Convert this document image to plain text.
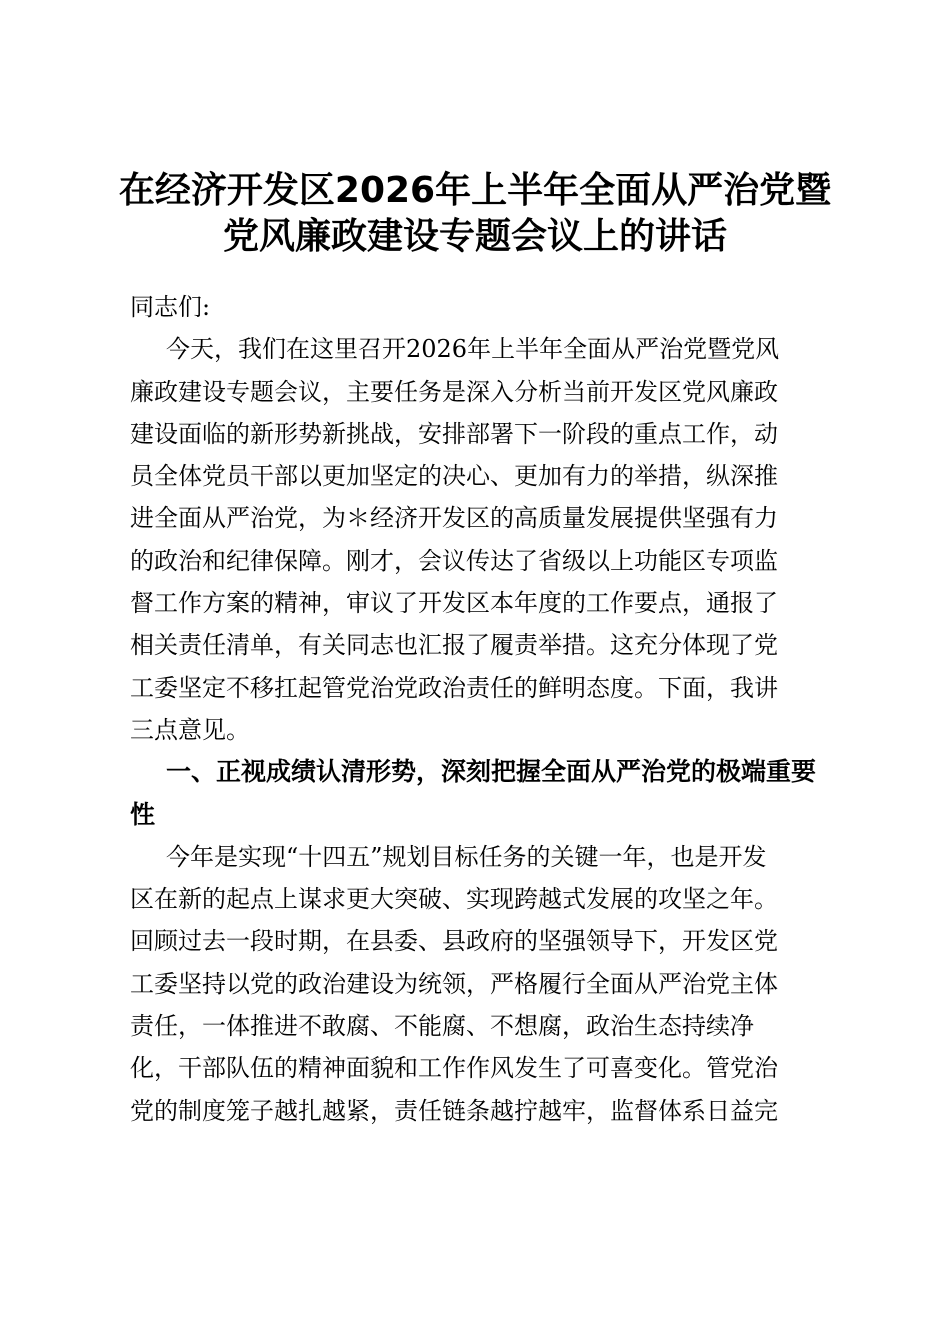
在经济开发区2026年上半年全面从严治党暨
党风廉政建设专题会议上的讲话

同志们:

今天，我们在这里召开2026年上半年全面从严治党暨党风
廉政建设专题会议，主要任务是深入分析当前开发区党风廉政
建设面临的新形势新挑战，安排部署下一阶段的重点工作，动
员全体党员干部以更加坚定的决心、更加有力的举措，纵深推
进全面从严治党，为＊经济开发区的高质量发展提供坚强有力
的政治和纪律保障。刚才，会议传达了省级以上功能区专项监
督工作方案的精神，审议了开发区本年度的工作要点，通报了
相关责任清单，有关同志也汇报了履责举措。这充分体现了党
工委坚定不移扛起管党治党政治责任的鲜明态度。下面，我讲
三点意见。
一、正视成绩认清形势，深刻把握全面从严治党的极端重要
性
今年是实现“十四五”规划目标任务的关键一年，也是开发
区在新的起点上谋求更大突破、实现跨越式发展的攻坚之年。
回顾过去一段时期，在县委、县政府的坚强领导下，开发区党
工委坚持以党的政治建设为统领，严格履行全面从严治党主体
责任，一体推进不敢腐、不能腐、不想腐，政治生态持续净
化，干部队伍的精神面貌和工作作风发生了可喜变化。管党治
党的制度笼子越扎越紧，责任链条越拧越牢，监督体系日益完
